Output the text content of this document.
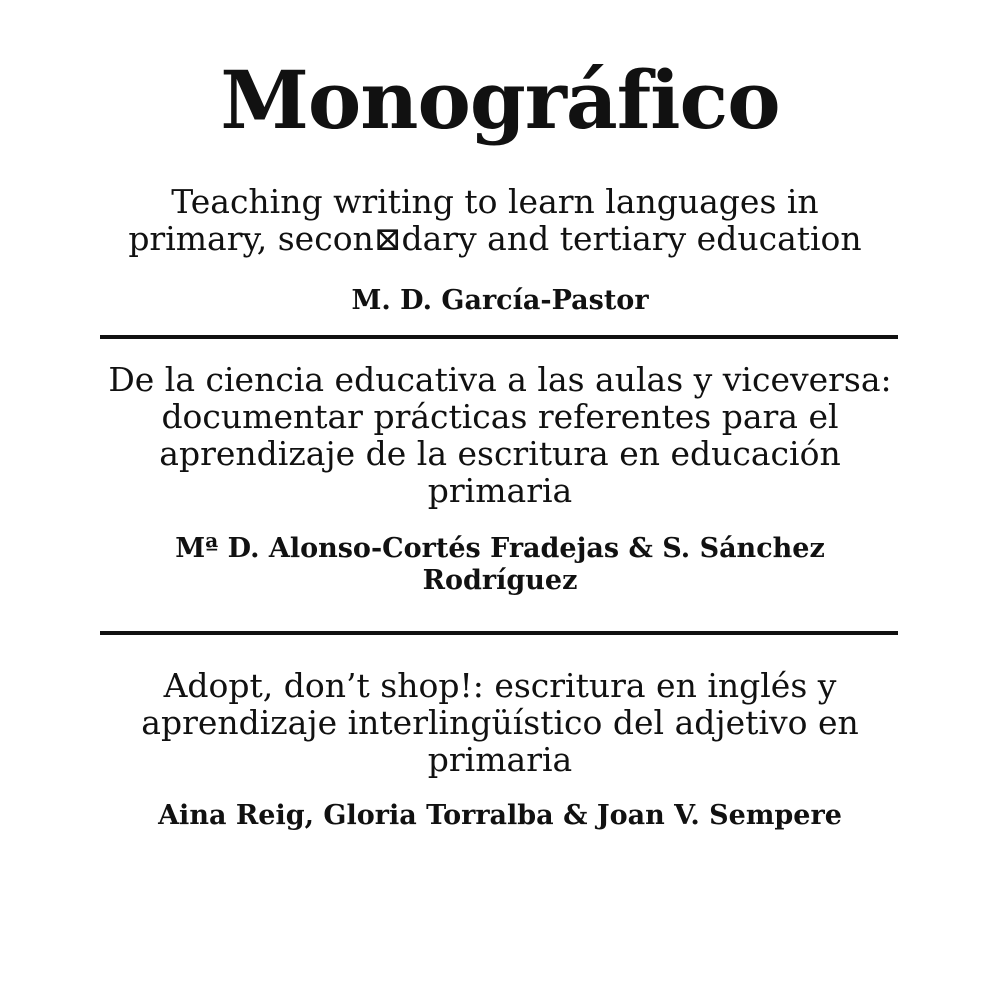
Monográfico
Teaching writing to learn languages in
primary, secon⊠dary and tertiary education
M. D. García-Pastor
De la ciencia educativa a las aulas y viceversa:
documentar prácticas referentes para el
aprendizaje de la escritura en educación
primaria
Mª D. Alonso-Cortés Fradejas & S. Sánchez
Rodríguez
Adopt, don’t shop!: escritura en inglés y
aprendizaje interlingüístico del adjetivo en
primaria
Aina Reig, Gloria Torralba & Joan V. Sempere
